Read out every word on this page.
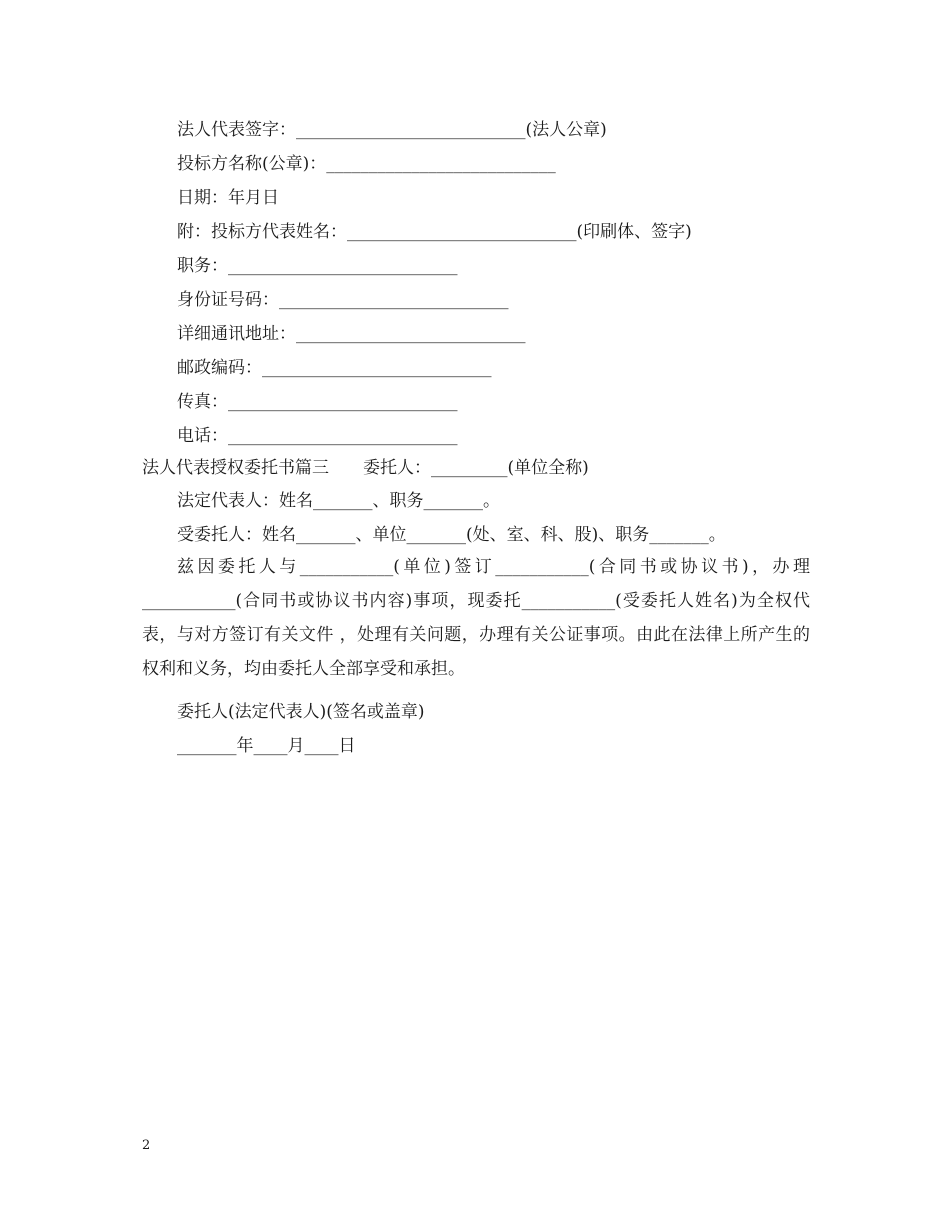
法人代表签字：___________________________(法人公章)
投标方名称(公章)：___________________________
日期：年月日
附：投标方代表姓名：___________________________(印刷体、签字)
职务：___________________________
身份证号码：___________________________
详细通讯地址：___________________________
邮政编码：___________________________
传真：___________________________
电话：___________________________
法人代表授权委托书篇三　　委托人：_________(单位全称)
法定代表人：姓名_______、职务_______。
受委托人：姓名_______、单位_______(处、室、科、股)、职务_______。
兹因委托人与___________(单位)签订___________(合同书或协议书)，办理___________(合同书或协议书内容)事项，现委托___________(受委托人姓名)为全权代表，与对方签订有关文件 ，处理有关问题，办理有关公证事项。由此在法律上所产生的权利和义务，均由委托人全部享受和承担。
委托人(法定代表人)(签名或盖章)
_______年____月____日
2
